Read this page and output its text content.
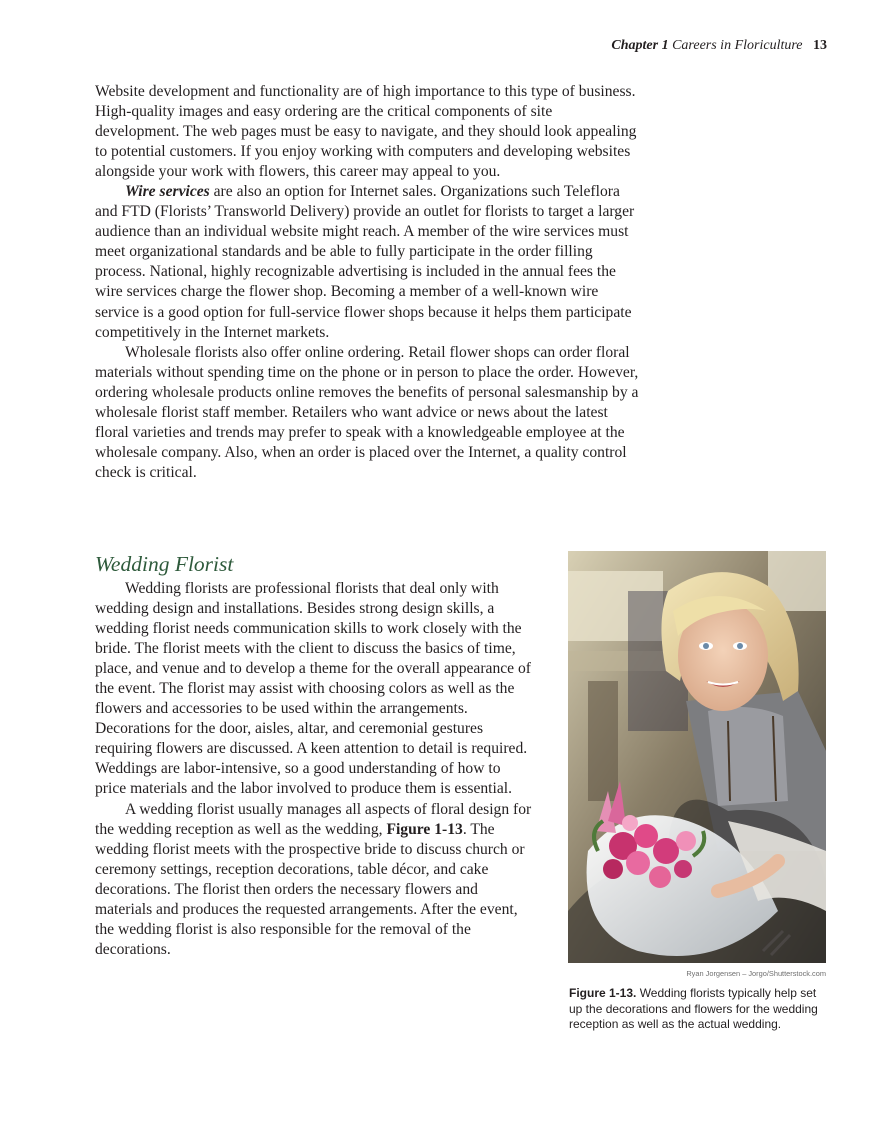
Chapter 1 Careers in Floriculture 13

Website development and functionality are of high importance to this type of business. High-quality images and easy ordering are the critical components of site development. The web pages must be easy to navigate, and they should look appealing to potential customers. If you enjoy working with computers and developing websites alongside your work with flowers, this career may appeal to you.

Wire services are also an option for Internet sales. Organizations such Teleflora and FTD (Florists’ Transworld Delivery) provide an outlet for florists to target a larger audience than an individual website might reach. A member of the wire services must meet organizational standards and be able to fully participate in the order filling process. National, highly recognizable advertising is included in the annual fees the wire services charge the flower shop. Becoming a member of a well-known wire service is a good option for full-service flower shops because it helps them participate competitively in the Internet markets.

Wholesale florists also offer online ordering. Retail flower shops can order floral materials without spending time on the phone or in person to place the order. However, ordering wholesale products online removes the benefits of personal salesmanship by a wholesale florist staff member. Retailers who want advice or news about the latest floral varieties and trends may prefer to speak with a knowledgeable employee at the wholesale company. Also, when an order is placed over the Internet, a quality control check is critical.

Wedding Florist

Wedding florists are professional florists that deal only with wedding design and installations. Besides strong design skills, a wedding florist needs communication skills to work closely with the bride. The florist meets with the client to discuss the basics of time, place, and venue and to develop a theme for the overall appearance of the event. The florist may assist with choosing colors as well as the flowers and accessories to be used within the arrangements. Decorations for the door, aisles, altar, and ceremonial gestures requiring flowers are discussed. A keen attention to detail is required. Weddings are labor-intensive, so a good understanding of how to price materials and the labor involved to produce them is essential.

A wedding florist usually manages all aspects of floral design for the wedding reception as well as the wedding, Figure 1-13. The wedding florist meets with the prospective bride to discuss church or ceremony settings, reception decorations, table décor, and cake decorations. The florist then orders the necessary flowers and materials and produces the requested arrangements. After the event, the wedding florist is also responsible for the removal of the decorations.

Ryan Jorgensen – Jorgo/Shutterstock.com

Figure 1-13. Wedding florists typically help set up the decorations and flowers for the wedding reception as well as the actual wedding.
